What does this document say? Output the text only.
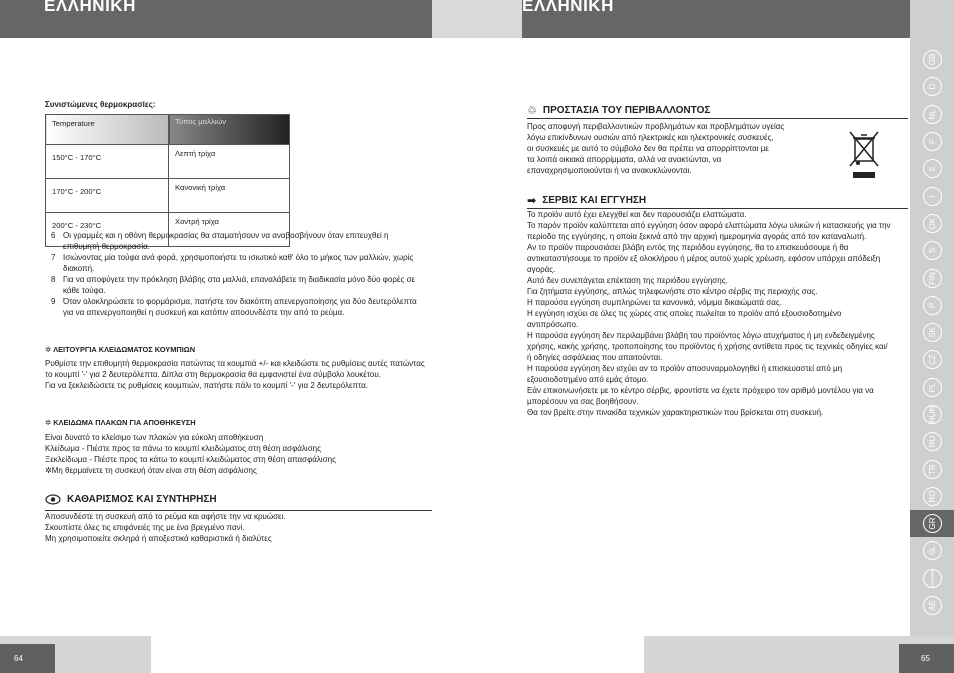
ΕΛΛΗΝΙΚΗ	ΕΛΛΗΝΙΚΗ
Συνιστώμενες θερμοκρασίες:
Temperature	Τύπος μαλλιών
150°C - 170°C	Λεπτή τρίχα
170°C - 200°C	Κανονική τρίχα
200°C - 230°C	Χοντρή τρίχα
6 Οι γραμμές και η οθόνη θερμοκρασίας θα σταματήσουν να αναβοσβήνουν όταν επιτευχθεί η επιθυμητή θερμοκρασία.
7 Ισιώνοντας μία τούφα ανά φορά, χρησιμοποιήστε το ισιωτικό καθ' όλο το μήκος των μαλλιών, χωρίς διακοπή.
8 Για να αποφύγετε την πρόκληση βλάβης στα μαλλιά, επαναλάβετε τη διαδικασία μόνο δύο φορές σε κάθε τούφα.
9 Όταν ολοκληρώσετε το φορμάρισμα, πατήστε τον διακόπτη απενεργοποίησης για δύο δευτερόλεπτα για να απενεργοποιηθεί η συσκευή και κατόπιν αποσυνδέστε την από το ρεύμα.
✲ ΛΕΙΤΟΥΡΓΙΑ ΚΛΕΙΔΩΜΑΤΟΣ ΚΟΥΜΠΙΩΝ
Ρυθμίστε την επιθυμητή θερμοκρασία πατώντας τα κουμπιά +/- και κλειδώστε τις ρυθμίσεις αυτές πατώντας το κουμπί '-' για 2 δευτερόλεπτα. Δίπλα στη θερμοκρασία θα εμφανιστεί ένα σύμβολο λουκέτου.
Για να ξεκλειδώσετε τις ρυθμίσεις κουμπιών, πατήστε πάλι το κουμπί '-' για 2 δευτερόλεπτα.
✲ ΚΛΕΙΔΩΜΑ ΠΛΑΚΩΝ ΓΙΑ ΑΠΟΘΗΚΕΥΣΗ
Είναι δυνατό το κλείσιμο των πλακών για εύκολη αποθήκευση
Κλείδωμα - Πιέστε προς τα πάνω το κουμπί κλειδώματος στη θέση ασφάλισης
Ξεκλείδωμα - Πιέστε προς τα κάτω το κουμπί κλειδώματος στη θέση απασφάλισης
✲Μη θερμαίνετε τη συσκευή όταν είναι στη θέση ασφάλισης
ΚΑΘΑΡΙΣΜΟΣ ΚΑΙ ΣΥΝΤΗΡΗΣΗ
Αποσυνδέστε τη συσκευή από το ρεύμα και αφήστε την να κρυώσει.
Σκουπίστε όλες τις επιφάνειές της με ένα βρεγμένο πανί.
Μη χρησιμοποιείτε σκληρά ή αποξεστικά καθαριστικά ή διαλύτες
64
♲ ΠΡΟΣΤΑΣΙΑ ΤΟΥ ΠΕΡΙΒΑΛΛΟΝΤΟΣ
Προς αποφυγή περιβαλλοντικών προβλημάτων και προβλημάτων υγείας
λόγω επικίνδυνων ουσιών από ηλεκτρικές και ηλεκτρονικές συσκευές,
οι συσκευές με αυτό το σύμβολο δεν θα πρέπει να απορρίπτονται με
τα λοιπά οικιακά απορρίμματα, αλλά να ανακτώνται, να
επαναχρησιμοποιούνται ή να ανακυκλώνονται.
➡ ΣΕΡΒΙΣ ΚΑΙ ΕΓΓΥΗΣΗ
Το προϊόν αυτό έχει ελεγχθεί και δεν παρουσιάζει ελαττώματα.
Το παρόν προϊόν καλύπτεται από εγγύηση όσον αφορά ελαττώματα λόγω υλικών ή κατασκευής για την περίοδο της εγγύησης, η οποία ξεκινά από την αρχική ημερομηνία αγοράς από τον καταναλωτή.
Αν το προϊόν παρουσιάσει βλάβη εντός της περιόδου εγγύησης, θα το επισκευάσουμε ή θα αντικαταστήσουμε το προϊόν εξ ολοκλήρου ή μέρος αυτού χωρίς χρέωση, εφόσον υπάρχει απόδειξη αγοράς.
Αυτό δεν συνεπάγεται επέκταση της περιόδου εγγύησης.
Για ζητήματα εγγύησης, απλώς τηλεφωνήστε στο κέντρο σέρβις της περιοχής σας.
Η παρούσα εγγύηση συμπληρώνει τα κανονικά, νόμιμα δικαιώματά σας.
Η εγγύηση ισχύει σε όλες τις χώρες στις οποίες πωλείται το προϊόν από εξουσιοδοτημένο αντιπρόσωπο.
Η παρούσα εγγύηση δεν περιλαμβάνει βλάβη του προϊόντος λόγω ατυχήματος ή μη ενδεδειγμένης χρήσης, κακής χρήσης, τροποποίησης του προϊόντος ή χρήσης αντίθετα προς τις τεχνικές οδηγίες και/ή οδηγίες ασφάλειας που απαιτούνται.
Η παρούσα εγγύηση δεν ισχύει αν το προϊόν αποσυναρμολογηθεί ή επισκευαστεί από μη εξουσιοδοτημένο από εμάς άτομο.
Εάν επικοινωνήσετε με το κέντρο σέρβις, φροντίστε να έχετε πρόχειρο τον αριθμό μοντέλου για να μπορέσουν να σας βοηθήσουν.
Θα τον βρείτε στην πινακίδα τεχνικών χαρακτηριστικών που βρίσκεται στη συσκευή.
GB
D
NL
F
E
I
DK
S
FIN
P
SK
CZ
PL
HUN
RU
TR
RO
GR
SL
HR/SRB
AE
65
